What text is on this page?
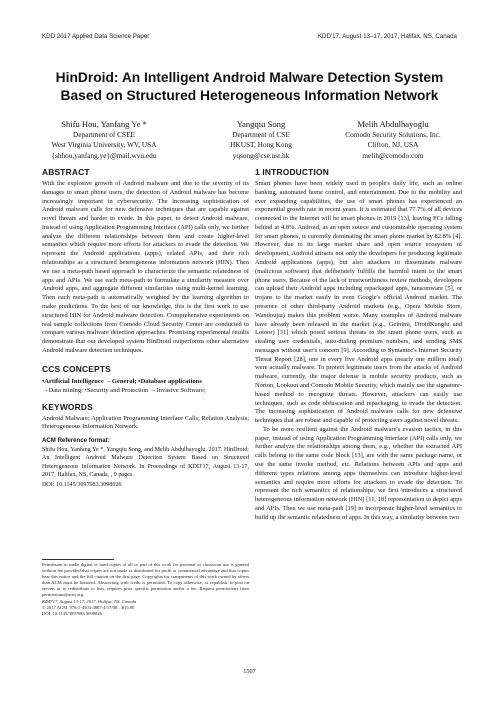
KDD 2017 Applied Data Science Paper	KDD'17, August 13–17, 2017, Halifax, NS, Canada
HinDroid: An Intelligent Android Malware Detection System
Based on Structured Heterogeneous Information Network
Shifu Hou, Yanfang Ye *
Department of CSEE
West Virginia University, WV, USA
{shhou,yanfang.ye}@mail.wvu.edu
Yangqiu Song
Department of CSE
HKUST, Hong Kong
yqsong@cse.ust.hk
Melih Abdulhayoglu
Comodo Security Solutions, Inc.
Clifton, NJ, USA
melih@comodo.com
ABSTRACT

With the explosive growth of Android malware and due to the severity of its damages to smart phone users, the detection of Android malware has become increasingly important in cybersecurity. The increasing sophistication of Android malware calls for new defensive techniques that are capable against novel threats and harder to evade. In this paper, to detect Android malware, instead of using Application Programming Interface (API) calls only, we further analyze the different relationships between them and create higher-level semantics which require more efforts for attackers to evade the detection. We represent the Android applications (apps), related APIs, and their rich relationships as a structured heterogeneous information network (HIN). Then we use a meta-path based approach to characterize the semantic relatedness of apps and APIs. We use each meta-path to formulate a similarity measure over Android apps, and aggregate different similarities using multi-kernel learning. Then each meta-path is automatically weighted by the learning algorithm to make predictions. To the best of our knowledge, this is the first work to use structured HIN for Android malware detection. Comprehensive experiments on real sample collections from Comodo Cloud Security Center are conducted to compare various malware detection approaches. Promising experimental results demonstrate that our developed system HinDroid outperforms other alternative Android malware detection techniques.

CCS CONCEPTS
•Artificial Intelligence →General; •Database applications
→Data mining; •Security and Protection →Invasive Software;
KEYWORDS

Android Malware; Application Programming Interface Calls; Relation Analysis; Heterogeneous Information Network.

ACM Reference format:
Shifu Hou, Yanfang Ye *, Yangqiu Song, and Melih Abdulhayoglu. 2017. HinDroid: An Intelligent Android Malware Detection System Based on Structured Heterogeneous Information Network. In Proceedings of KDD'17, August 13-17, 2017, Halifax, NS, Canada, , 9 pages.
DOI: 10.1145/3097983.3098026
Permission to make digital or hard copies of all or part of this work for personal or classroom use is granted without fee provided that copies are not made or distributed for profit or commercial advantage and that copies bear this notice and the full citation on the first page. Copyrights for components of this work owned by others than ACM must be honored. Abstracting with credit is permitted. To copy otherwise, or republish, to post on servers or to redistribute to lists, requires prior specific permission and/or a fee. Request permissions from permissions@acm.org.
KDD'17, August 13-17, 2017, Halifax, NS, Canada
© 2017 ACM. 978-1-4503-4887-4/17/08…$15.00
DOI: 10.1145/3097983.3098026
1 INTRODUCTION

Smart phones have been widely used in people's daily life, such as online banking, automated home control, and entertainment. Due to the mobility and ever expanding capabilities, the use of smart phones has experienced an exponential growth rate in recent years. It is estimated that 77.7% of all devices connected to the Internet will be smart phones in 2019 [13], leaving PCs falling behind at 4.8%. Android, as an open source and customizable operating system for smart phones, is currently dominating the smart phone market by 82.8% [4]. However, due to its large market share and open source ecosystem of development, Android attracts not only the developers for producing legitimate Android applications (apps), but also attackers to disseminate malware (malicious software) that deliberately fulfills the harmful intent to the smart phone users. Because of the lack of trustworthiness review methods, developers can upload their Android apps including repackaged apps, ransomware [5], or trojans to the market easily in even Google's official Android market. The presence of other third-party Android markets (e.g., Opera Mobile Store, Wandoujia) makes this problem worse. Many examples of Android malware have already been released in the market (e.g., Geinimi, DroidKungfu and Lotoor) [31] which posed serious threats to the smart phone users, such as stealing user credentials, auto-dialing premium numbers, and sending SMS messages without user's concern [9]. According to Symantec's Internet Security Threat Report [28], one in every five Android apps (nearly one million total) were actually malware. To protect legitimate users from the attacks of Android malware, currently, the major defense is mobile security products, such as Norton, Lookout and Comodo Mobile Security, which mainly use the signature-based method to recognize threats. However, attackers can easily use techniques, such as code obfuscation and repackaging, to evade the detection. The increasing sophistication of Android malware calls for new defensive techniques that are robust and capable of protecting users against novel threats.

To be more resilient against the Android malware's evasion tactics, in this paper, instead of using Application Programming Interface (API) calls only, we further analyze the relationships among them, e.g., whether the extracted API calls belong to the same code block [13], are with the same package name, or use the same invoke method, etc. Relations between APIs and apps and different types relations among apps themselves can introduce higher-level semantics and require more efforts for attackers to evade the detection. To represent the rich semantics of relationships, we first introduces a structured heterogeneous information network (HIN) [11, 18] representation to depict apps and APIs. Then we use meta-path [19] to incorporate higher-level semantics to build up the semantic relatedness of apps. In this way, a similarity between two

1507
